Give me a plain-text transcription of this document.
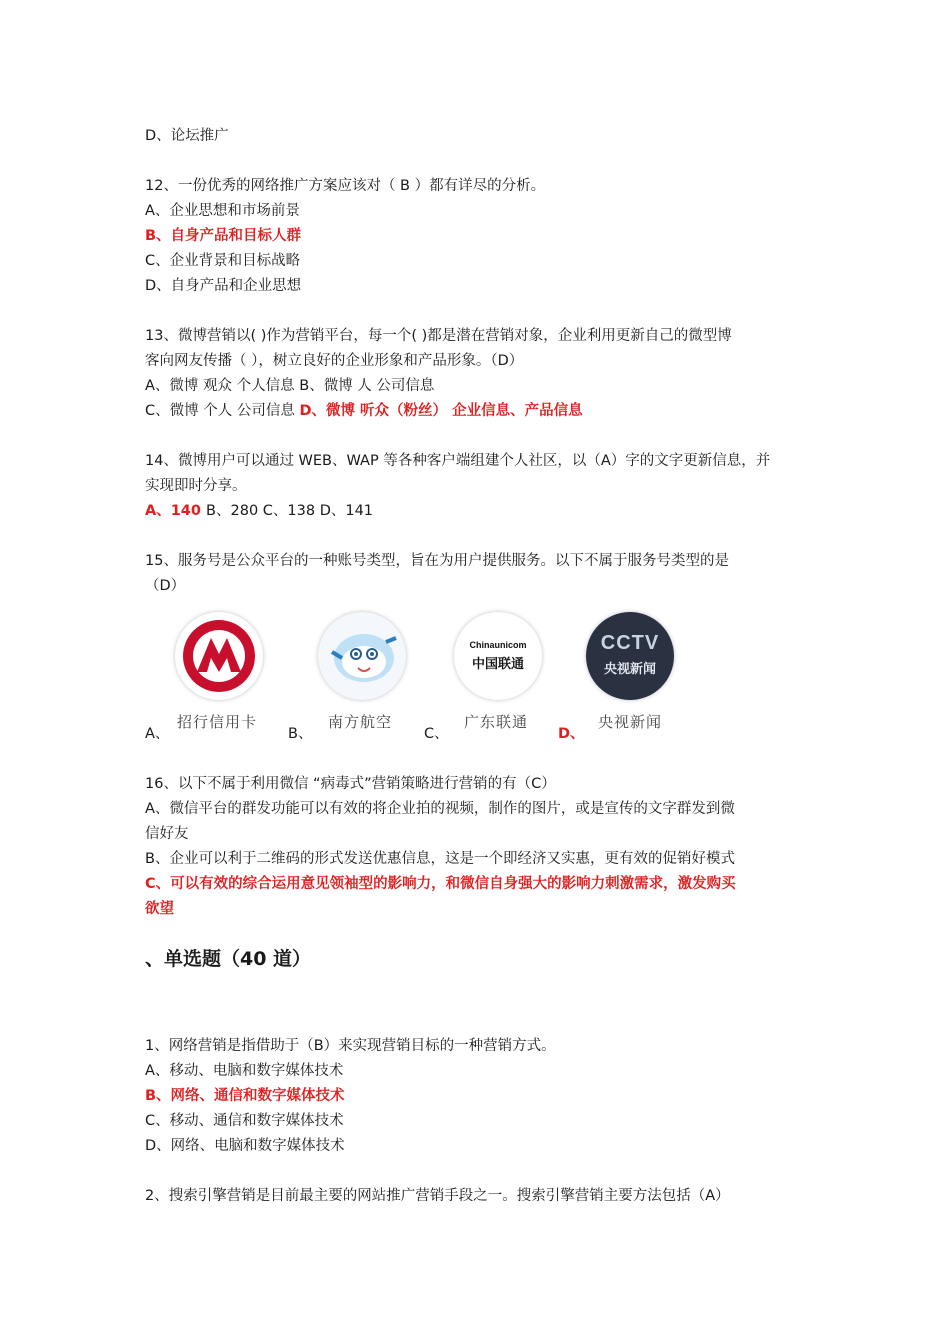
D、论坛推广
12、一份优秀的网络推广方案应该对（ B ）都有详尽的分析。
A、企业思想和市场前景
B、自身产品和目标人群
C、企业背景和目标战略
D、自身产品和企业思想
13、微博营销以( )作为营销平台，每一个( )都是潜在营销对象，企业利用更新自己的微型博
客向网友传播（ ），树立良好的企业形象和产品形象。（D）
A、微博 观众 个人信息 B、微博 人 公司信息
C、微博 个人 公司信息 D、微博 听众（粉丝） 企业信息、产品信息
14、微博用户可以通过 WEB、WAP 等各种客户端组建个人社区，以（A）字的文字更新信息，并
实现即时分享。
A、140 B、280 C、138 D、141
15、服务号是公众平台的一种账号类型，旨在为用户提供服务。以下不属于服务号类型的是
（D）
A、
招行信用卡
B、
南方航空
C、
Chinaunicom
中国联通
广东联通
D、
CCTV
央视新闻
央视新闻
16、以下不属于利用微信 “病毒式”营销策略进行营销的有（C）
A、微信平台的群发功能可以有效的将企业拍的视频，制作的图片，或是宣传的文字群发到微
信好友
B、企业可以利于二维码的形式发送优惠信息，这是一个即经济又实惠，更有效的促销好模式
C、可以有效的综合运用意见领袖型的影响力，和微信自身强大的影响力刺激需求，激发购买
欲望
、单选题（40 道）
1、网络营销是指借助于（B）来实现营销目标的一种营销方式。
A、移动、电脑和数字媒体技术
B、网络、通信和数字媒体技术
C、移动、通信和数字媒体技术
D、网络、电脑和数字媒体技术
2、搜索引擎营销是目前最主要的网站推广营销手段之一。搜索引擎营销主要方法包括（A）
